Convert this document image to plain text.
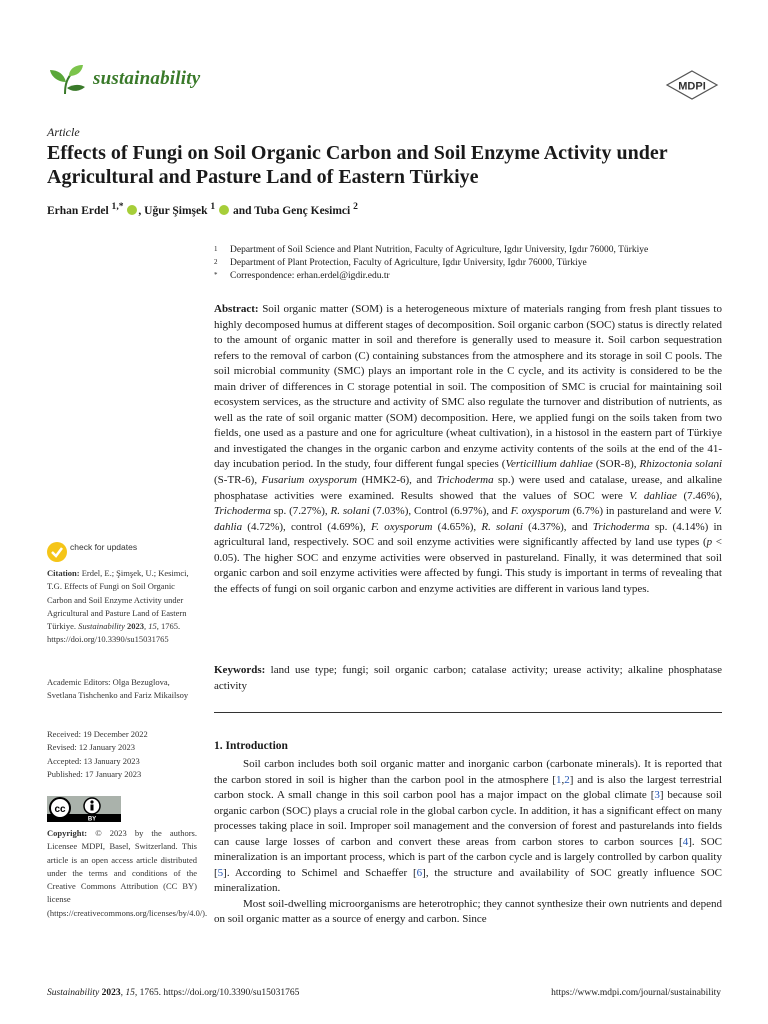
sustainability	MDPI
Article
Effects of Fungi on Soil Organic Carbon and Soil Enzyme Activity under Agricultural and Pasture Land of Eastern Türkiye
Erhan Erdel $^{1,*}$ , Uğur Şimşek $^1$  and Tuba Genç Kesimci $^2$
1	Department of Soil Science and Plant Nutrition, Faculty of Agriculture, Igdır University, Igdır 76000, Türkiye
2	Department of Plant Protection, Faculty of Agriculture, Igdır University, Igdır 76000, Türkiye
*	Correspondence: erhan.erdel@igdir.edu.tr
Abstract: Soil organic matter (SOM) is a heterogeneous mixture of materials ranging from fresh plant tissues to highly decomposed humus at different stages of decomposition. Soil organic carbon (SOC) status is directly related to the amount of organic matter in soil and therefore is generally used to measure it. Soil carbon sequestration refers to the removal of carbon (C) containing substances from the atmosphere and its storage in soil C pools. The soil microbial community (SMC) plays an important role in the C cycle, and its activity is considered to be the main driver of differences in C storage potential in soil. The composition of SMC is crucial for maintaining soil ecosystem services, as the structure and activity of SMC also regulate the turnover and distribution of nutrients, as well as the rate of soil organic matter (SOM) decomposition. Here, we applied fungi on the soils taken from two fields, one used as a pasture and one for agriculture (wheat cultivation), in a histosol in the eastern part of Türkiye and investigated the changes in the organic carbon and enzyme activity contents of the soils at the end of the 41-day incubation period. In the study, four different fungal species (Verticillium dahliae (SOR-8), Rhizoctonia solani (S-TR-6), Fusarium oxysporum (HMK2-6), and Trichoderma sp.) were used and catalase, urease, and alkaline phosphatase activities were examined. Results showed that the values of SOC were V. dahliae (7.46%), Trichoderma sp. (7.27%), R. solani (7.03%), Control (6.97%), and F. oxysporum (6.7%) in pastureland and were V. dahlia (4.72%), control (4.69%), F. oxysporum (4.65%), R. solani (4.37%), and Trichoderma sp. (4.14%) in agricultural land, respectively. SOC and soil enzyme activities were significantly affected by land use types (p < 0.05). The higher SOC and enzyme activities were observed in pastureland. Finally, it was determined that soil organic carbon and soil enzyme activities were affected by fungi. This study is important in terms of revealing that the effects of fungi on soil organic carbon and enzyme activities are different in various land types.
Keywords: land use type; fungi; soil organic carbon; catalase activity; urease activity; alkaline phosphatase activity
1. Introduction

Soil carbon includes both soil organic matter and inorganic carbon (carbonate minerals). It is reported that the carbon stored in soil is higher than the carbon pool in the atmosphere [1,2] and is also the largest terrestrial carbon stock. A small change in this soil carbon pool has a major impact on the global climate [3] because soil organic carbon (SOC) plays a crucial role in the global carbon cycle. In addition, it has a significant effect on many processes taking place in soil. Improper soil management and the conversion of forest and pasturelands into fields can cause large losses of carbon and convert these areas from carbon stores to carbon sources [4]. SOC mineralization is an important process, which is part of the carbon cycle and is largely controlled by carbon quality [5]. According to Schimel and Schaeffer [6], the structure and availability of SOC greatly influence SOC mineralization.

Most soil-dwelling microorganisms are heterotrophic; they cannot synthesize their own nutrients and depend on soil organic matter as a source of energy and carbon. Since

check for updates
Citation: Erdel, E.; Şimşek, U.; Kesimci, T.G. Effects of Fungi on Soil Organic Carbon and Soil Enzyme Activity under Agricultural and Pasture Land of Eastern Türkiye. Sustainability 2023, 15, 1765. https://doi.org/10.3390/su15031765
Academic Editors: Olga Bezuglova, Svetlana Tishchenko and Fariz Mikailsoy
Received: 19 December 2022
Revised: 12 January 2023
Accepted: 13 January 2023
Published: 17 January 2023
cc
BY
Copyright: © 2023 by the authors. Licensee MDPI, Basel, Switzerland. This article is an open access article distributed under the terms and conditions of the Creative Commons Attribution (CC BY) license (https://creativecommons.org/licenses/by/4.0/).
Sustainability 2023, 15, 1765. https://doi.org/10.3390/su15031765	https://www.mdpi.com/journal/sustainability
